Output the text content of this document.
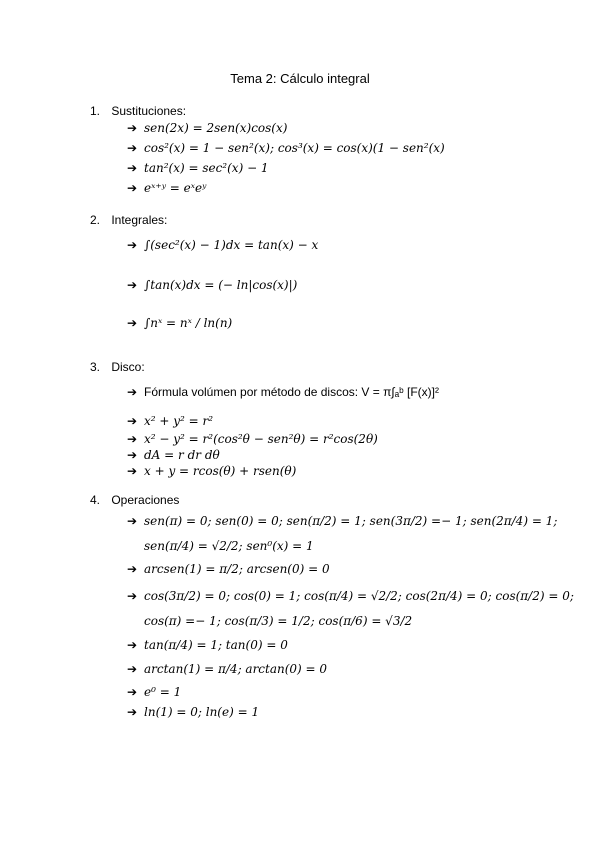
Tema 2: Cálculo integral
1. Sustituciones:
➔ sen(2x) = 2sen(x)cos(x)
➔ cos²(x) = 1 − sen²(x); cos³(x) = cos(x)(1 − sen²(x)
➔ tan²(x) = sec²(x) − 1
➔ eˣ⁺ʸ = eˣeʸ
2. Integrales:
➔ ∫(sec²(x) − 1)dx = tan(x) − x
➔ ∫tan(x)dx = (− ln|cos(x)|)
➔ ∫nˣ = nˣ / ln(n)
3. Disco:
➔ Fórmula volúmen por método de discos: V = π∫ₐᵇ [F(x)]²
➔ x² + y² = r²
➔ x² − y² = r²(cos²θ − sen²θ) = r²cos(2θ)
➔ dA = r dr dθ
➔ x + y = rcos(θ) + rsen(θ)
4. Operaciones
➔ sen(π) = 0; sen(0) = 0; sen(π/2) = 1; sen(3π/2) =− 1; sen(2π/4) = 1;
sen(π/4) = √2/2; sen⁰(x) = 1
➔ arcsen(1) = π/2; arcsen(0) = 0
➔ cos(3π/2) = 0; cos(0) = 1; cos(π/4) = √2/2; cos(2π/4) = 0; cos(π/2) = 0;
cos(π) =− 1; cos(π/3) = 1/2; cos(π/6) = √3/2
➔ tan(π/4) = 1; tan(0) = 0
➔ arctan(1) = π/4; arctan(0) = 0
➔ e⁰ = 1
➔ ln(1) = 0; ln(e) = 1
